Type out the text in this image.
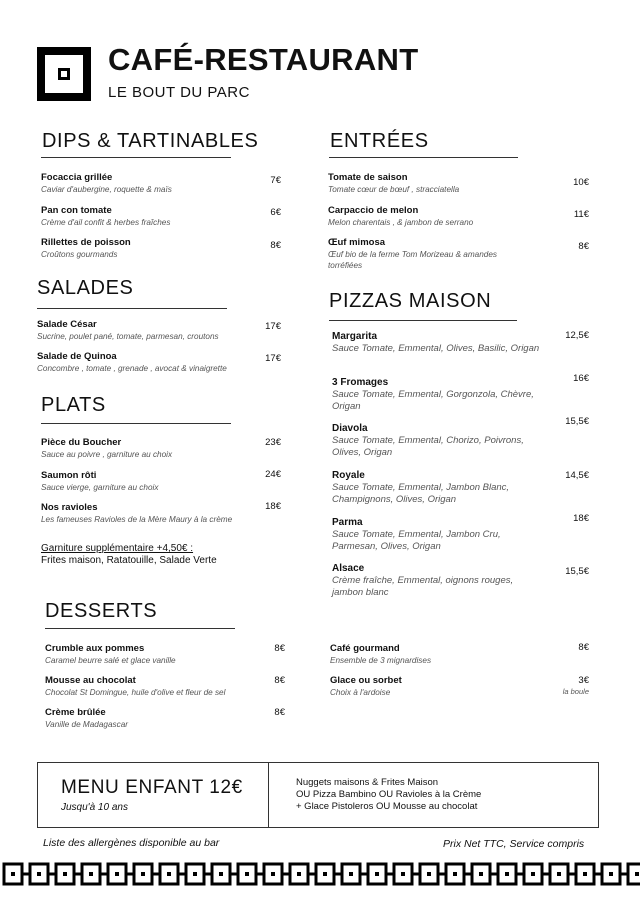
CAFÉ-RESTAURANT
LE BOUT DU PARC
DIPS & TARTINABLES
Focaccia grillée
Caviar d'aubergine, roquette & maïs
7€
Pan con tomate
Crème d'ail confit & herbes fraîches
6€
Rillettes de poisson
Croûtons gourmands
8€
SALADES
Salade César
Sucrine, poulet pané, tomate, parmesan, croutons
17€
Salade de Quinoa
Concombre , tomate , grenade , avocat & vinaigrette
17€
PLATS
Pièce du Boucher
Sauce au poivre , garniture au choix
23€
Saumon rôti
Sauce vierge, garniture au choix
24€
Nos ravioles
Les fameuses Ravioles de la Mère Maury à la crème
18€
Garniture supplémentaire +4,50€ :
Frites maison, Ratatouille, Salade Verte
DESSERTS
Crumble aux pommes
Caramel beurre salé et glace vanille
8€
Mousse au chocolat
Chocolat St Domingue, huile d'olive et fleur de sel
8€
Crème brûlée
Vanille de Madagascar
8€
Café gourmand
Ensemble de 3 mignardises
8€
Glace ou sorbet
Choix à l'ardoise
3€
la boule
ENTRÉES
Tomate de saison
Tomate cœur de bœuf , stracciatella
10€
Carpaccio de melon
Melon charentais , & jambon de serrano
11€
Œuf mimosa
Œuf bio de la ferme Tom Morizeau & amandes torréfiées
8€
PIZZAS MAISON
Margarita
Sauce Tomate, Emmental, Olives, Basilic, Origan
12,5€
3 Fromages
Sauce Tomate, Emmental, Gorgonzola, Chèvre, Origan
16€
Diavola
Sauce Tomate, Emmental, Chorizo, Poivrons, Olives, Origan
15,5€
Royale
Sauce Tomate, Emmental, Jambon Blanc, Champignons, Olives, Origan
14,5€
Parma
Sauce Tomate, Emmental, Jambon Cru, Parmesan, Olives, Origan
18€
Alsace
Crème fraîche, Emmental, oignons rouges, jambon blanc
15,5€
MENU ENFANT 12€
Jusqu'à 10 ans
Nuggets maisons & Frites Maison
OU Pizza Bambino OU Ravioles à la Crème
+ Glace Pistoleros OU Mousse au chocolat
Liste des allergènes disponible au bar	Prix Net TTC, Service compris
